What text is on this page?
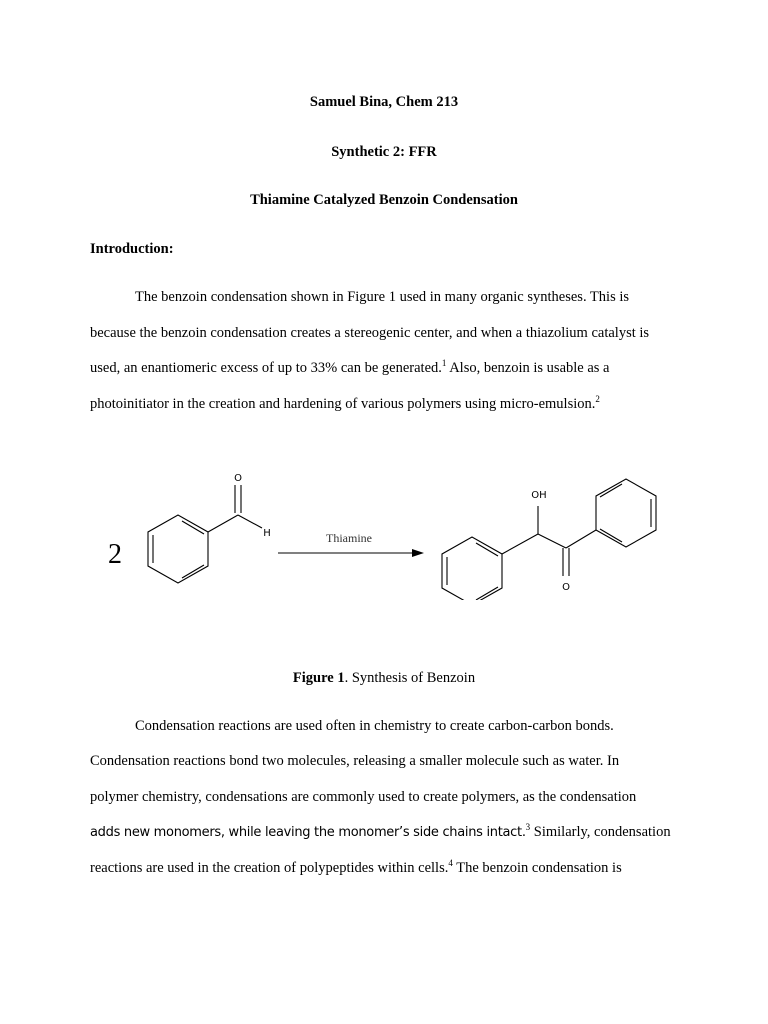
Samuel Bina, Chem 213
Synthetic 2: FFR
Thiamine Catalyzed Benzoin Condensation
Introduction:
The benzoin condensation shown in Figure 1 used in many organic syntheses. This is
because the benzoin condensation creates a stereogenic center, and when a thiazolium catalyst is
used, an enantiomeric excess of up to 33% can be generated.$^1$ Also, benzoin is usable as a
photoinitiator in the creation and hardening of various polymers using micro-emulsion.$^2$
2
O
H	Thiamine
OH
O
Figure 1. Synthesis of Benzoin
Condensation reactions are used often in chemistry to create carbon-carbon bonds.
Condensation reactions bond two molecules, releasing a smaller molecule such as water. In
polymer chemistry, condensations are commonly used to create polymers, as the condensation
adds new monomers, while leaving the monomer’s side chains intact.$^3$ Similarly, condensation
reactions are used in the creation of polypeptides within cells.$^4$ The benzoin condensation is
